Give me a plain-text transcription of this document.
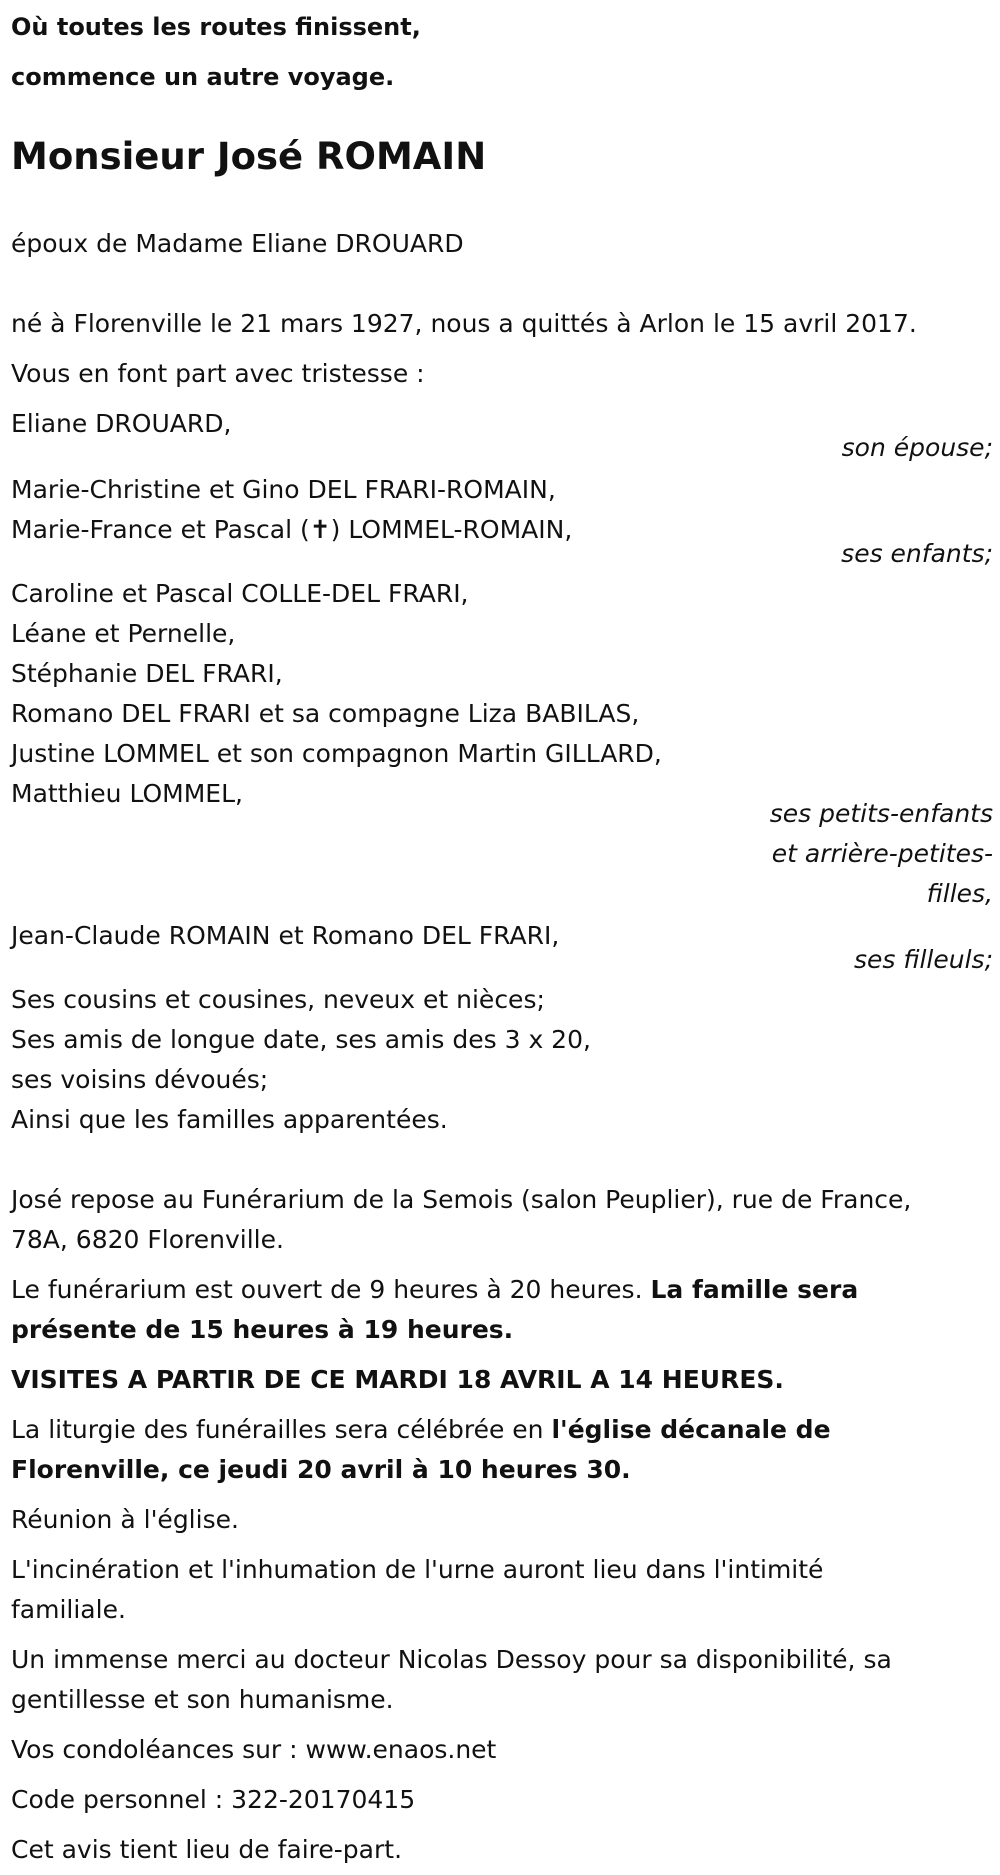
Où toutes les routes finissent,

commence un autre voyage.

Monsieur José ROMAIN

époux de Madame Eliane DROUARD

né à Florenville le 21 mars 1927, nous a quittés à Arlon le 15 avril 2017.

Vous en font part avec tristesse :

Eliane DROUARD,

son épouse;

Marie-Christine et Gino DEL FRARI-ROMAIN,

Marie-France et Pascal (✝) LOMMEL-ROMAIN,

ses enfants;

Caroline et Pascal COLLE-DEL FRARI,

Léane et Pernelle,

Stéphanie DEL FRARI,

Romano DEL FRARI et sa compagne Liza BABILAS,

Justine LOMMEL et son compagnon Martin GILLARD,

Matthieu LOMMEL,

ses petits-enfants

et arrière-petites-

filles,

Jean-Claude ROMAIN et Romano DEL FRARI,

ses filleuls;

Ses cousins et cousines, neveux et nièces;

Ses amis de longue date, ses amis des 3 x 20,

ses voisins dévoués;

Ainsi que les familles apparentées.

José repose au Funérarium de la Semois (salon Peuplier), rue de France,

78A, 6820 Florenville.

Le funérarium est ouvert de 9 heures à 20 heures. La famille sera

présente de 15 heures à 19 heures.

VISITES A PARTIR DE CE MARDI 18 AVRIL A 14 HEURES.

La liturgie des funérailles sera célébrée en l'église décanale de

Florenville, ce jeudi 20 avril à 10 heures 30.

Réunion à l'église.

L'incinération et l'inhumation de l'urne auront lieu dans l'intimité

familiale.

Un immense merci au docteur Nicolas Dessoy pour sa disponibilité, sa

gentillesse et son humanisme.

Vos condoléances sur : www.enaos.net

Code personnel : 322-20170415

Cet avis tient lieu de faire-part.
